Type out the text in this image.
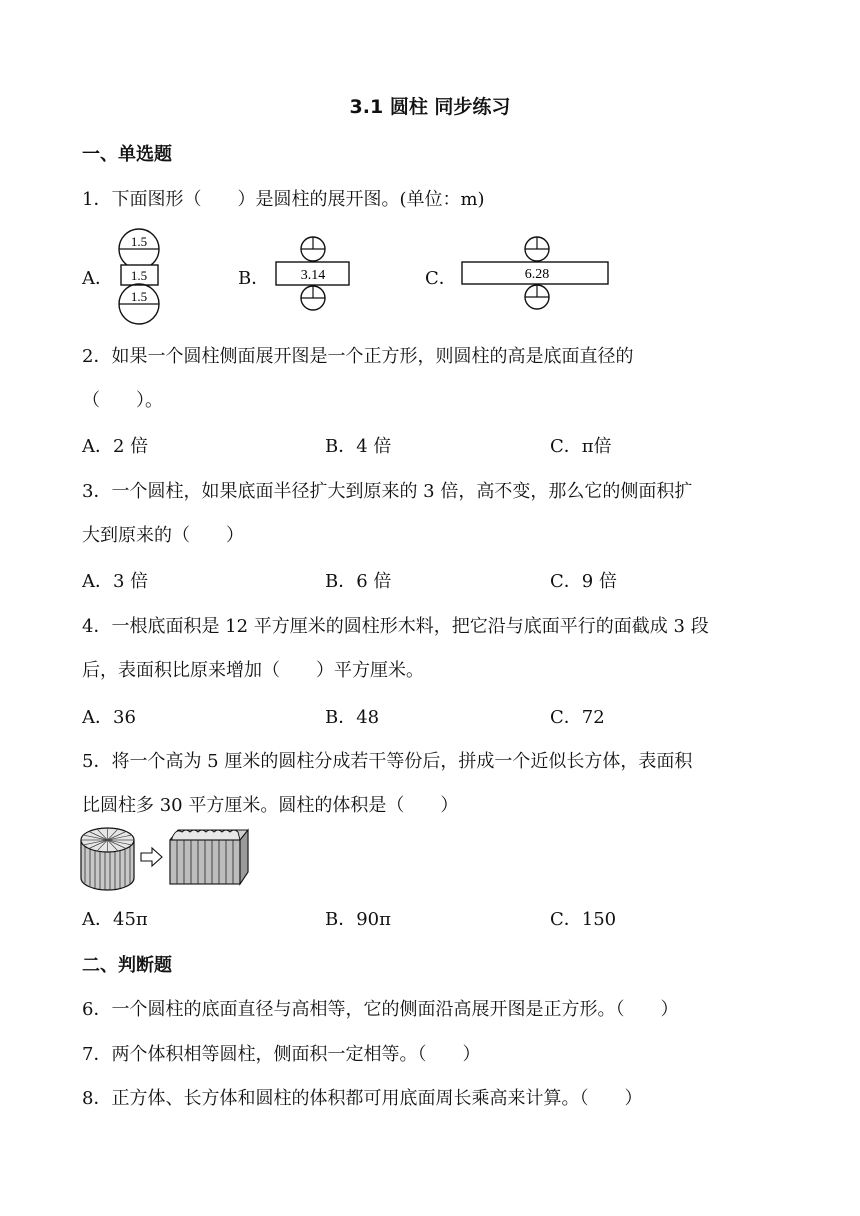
3.1 圆柱 同步练习
一、单选题
1．下面图形（　　）是圆柱的展开图。(单位：m)
A．	B．	C．
1.5
1.5
1.5
3.14	6.28
2．如果一个圆柱侧面展开图是一个正方形，则圆柱的高是底面直径的
（　　）。
A．2 倍	B．4 倍	C．π倍
3．一个圆柱，如果底面半径扩大到原来的 3 倍，高不变，那么它的侧面积扩
大到原来的（　　）
A．3 倍	B．6 倍	C．9 倍
4．一根底面积是 12 平方厘米的圆柱形木料，把它沿与底面平行的面截成 3 段
后，表面积比原来增加（　　）平方厘米。
A．36	B．48	C．72
5．将一个高为 5 厘米的圆柱分成若干等份后，拼成一个近似长方体，表面积
比圆柱多 30 平方厘米。圆柱的体积是（　　）
A．45π	B．90π	C．150
二、判断题
6．一个圆柱的底面直径与高相等，它的侧面沿高展开图是正方形。（　　）
7．两个体积相等圆柱，侧面积一定相等。（　　）
8．正方体、长方体和圆柱的体积都可用底面周长乘高来计算。（　　）
